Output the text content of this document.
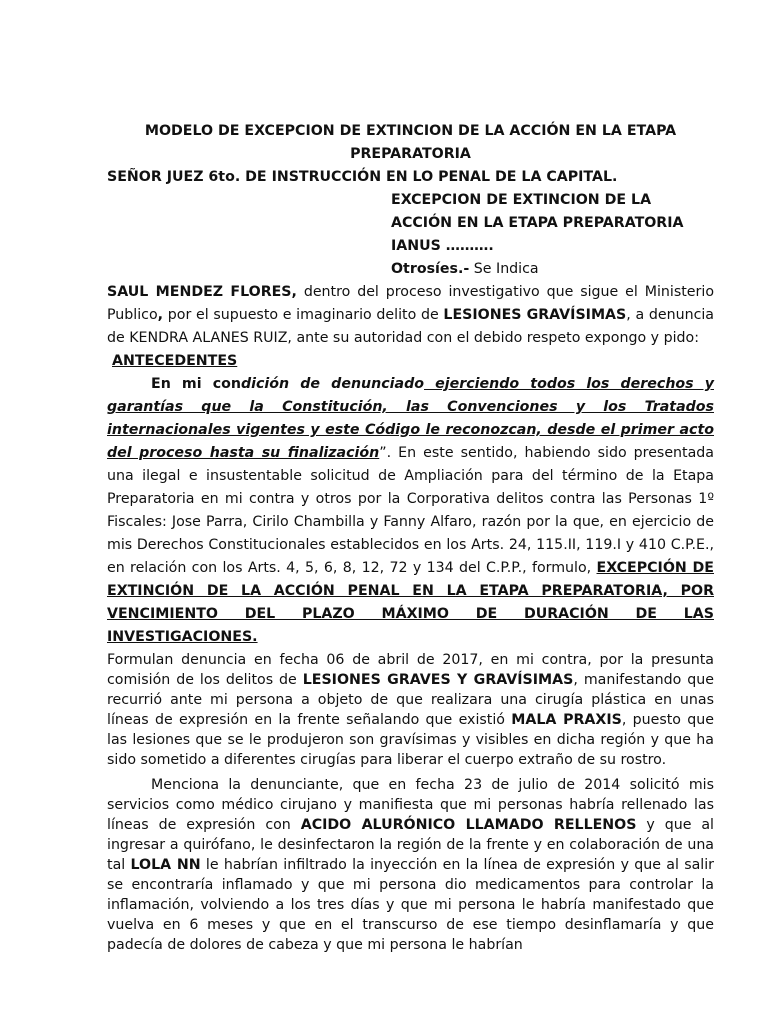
MODELO DE EXCEPCION DE EXTINCION DE LA ACCIÓN EN LA ETAPA PREPARATORIA
SEÑOR JUEZ 6to. DE INSTRUCCIÓN EN LO PENAL DE LA CAPITAL.
EXCEPCION DE EXTINCION DE LA
ACCIÓN EN LA ETAPA PREPARATORIA
IANUS ……….
Otrosíes.- Se Indica

SAUL MENDEZ FLORES, dentro del proceso investigativo que sigue el Ministerio Publico, por el supuesto e imaginario delito de LESIONES GRAVÍSIMAS, a denuncia de KENDRA ALANES RUIZ, ante su autoridad con el debido respeto expongo y pido:

ANTECEDENTES

En mi condición de denunciado ejerciendo todos los derechos y garantías que la Constitución, las Convenciones y los Tratados internacionales vigentes y este Código le reconozcan, desde el primer acto del proceso hasta su finalización”. En este sentido, habiendo sido presentada una ilegal e insustentable solicitud de Ampliación para del término de la Etapa Preparatoria en mi contra y otros por la Corporativa delitos contra las Personas 1º Fiscales: Jose Parra, Cirilo Chambilla y Fanny Alfaro, razón por la que, en ejercicio de mis Derechos Constitucionales establecidos en los Arts. 24, 115.II, 119.I y 410 C.P.E., en relación con los Arts. 4, 5, 6, 8, 12, 72 y 134 del C.P.P., formulo, EXCEPCIÓN DE EXTINCIÓN DE LA ACCIÓN PENAL EN LA ETAPA PREPARATORIA, POR VENCIMIENTO DEL PLAZO MÁXIMO DE DURACIÓN DE LAS INVESTIGACIONES.

Formulan denuncia en fecha 06 de abril de 2017, en mi contra, por la presunta comisión de los delitos de LESIONES GRAVES Y GRAVÍSIMAS, manifestando que recurrió ante mi persona a objeto de que realizara una cirugía plástica en unas líneas de expresión en la frente señalando que existió MALA PRAXIS, puesto que las lesiones que se le produjeron son gravísimas y visibles en dicha región y que ha sido sometido a diferentes cirugías para liberar el cuerpo extraño de su rostro.

Menciona la denunciante, que en fecha 23 de julio de 2014 solicitó mis servicios como médico cirujano y manifiesta que mi personas habría rellenado las líneas de expresión con ACIDO ALURÓNICO LLAMADO RELLENOS y que al ingresar a quirófano, le desinfectaron la región de la frente y en colaboración de una tal LOLA NN le habrían infiltrado la inyección en la línea de expresión y que al salir se encontraría inflamado y que mi persona dio medicamentos para controlar la inflamación, volviendo a los tres días y que mi persona le habría manifestado que vuelva en 6 meses y que en el transcurso de ese tiempo desinflamaría y que padecía de dolores de cabeza y que mi persona le habrían
